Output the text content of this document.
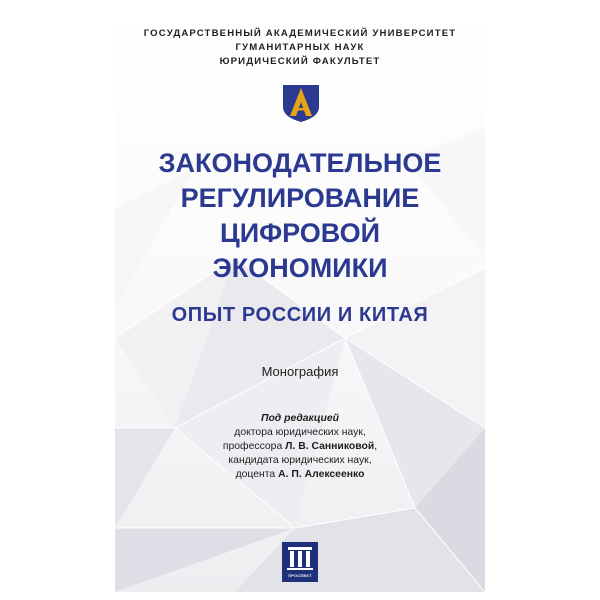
ГОСУДАРСТВЕННЫЙ АКАДЕМИЧЕСКИЙ УНИВЕРСИТЕТ
ГУМАНИТАРНЫХ НАУК
ЮРИДИЧЕСКИЙ ФАКУЛЬТЕТ
ЗАКОНОДАТЕЛЬНОЕ
РЕГУЛИРОВАНИЕ
ЦИФРОВОЙ
ЭКОНОМИКИ
ОПЫТ РОССИИ И КИТАЯ
Монография
Под редакцией
доктора юридических наук,
профессора Л. В. Санниковой,
кандидата юридических наук,
доцента А. П. Алексеенко
ПРОСПЕКТ
